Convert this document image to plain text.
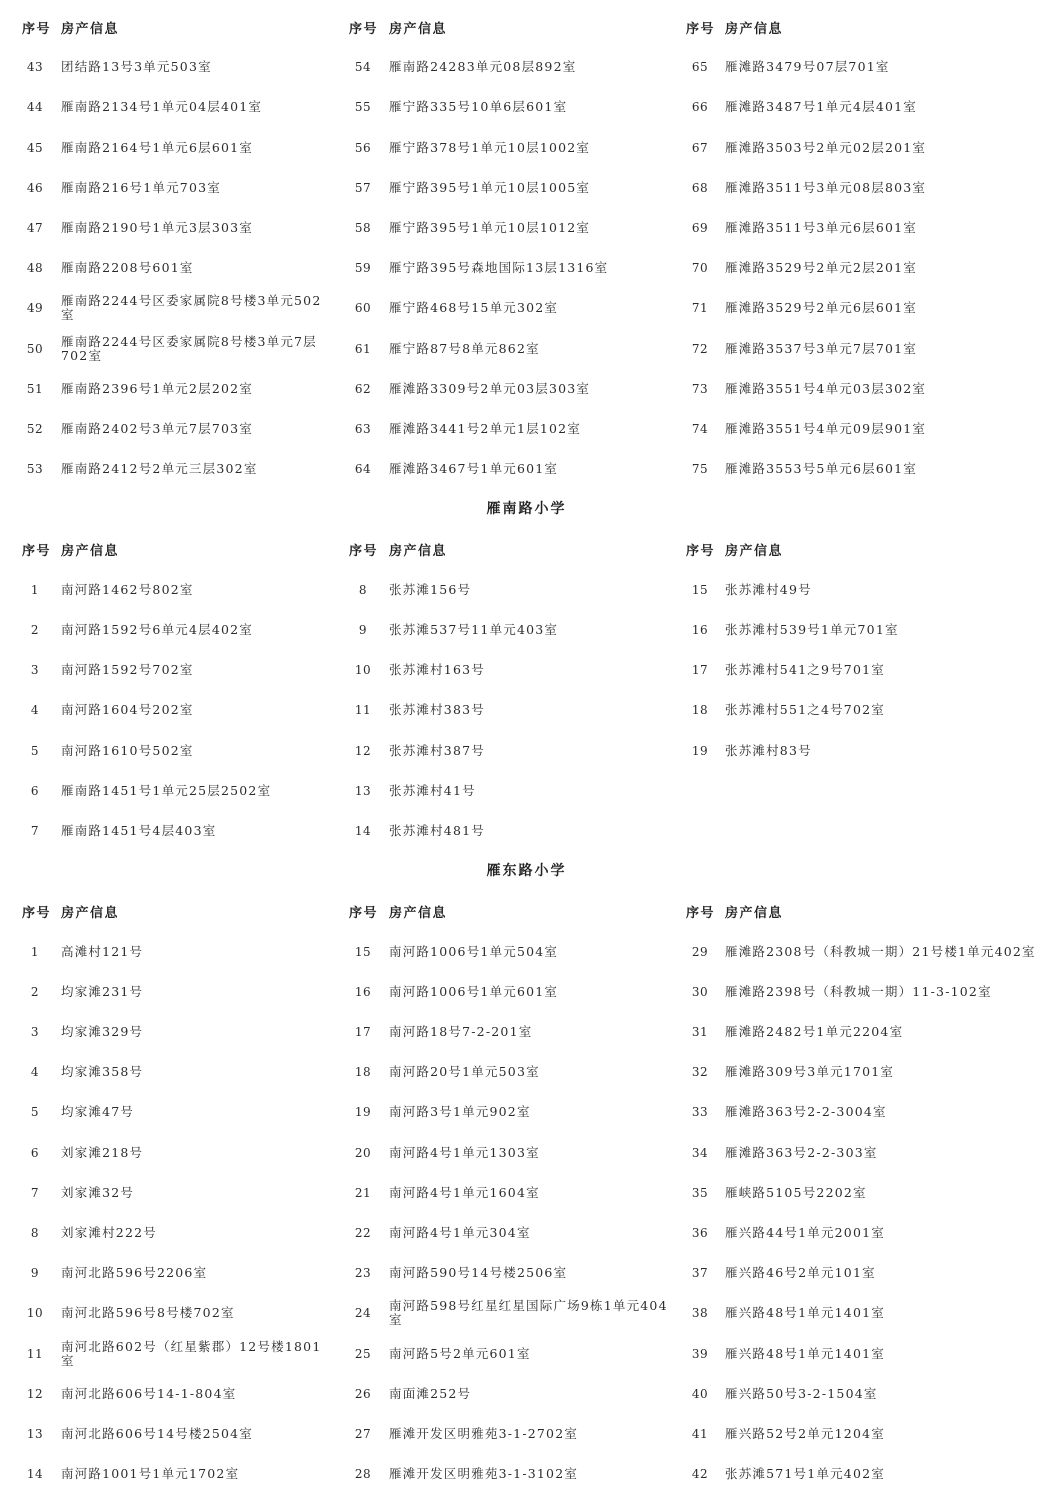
序号 房产信息	序号 房产信息	序号 房产信息
43	团结路13号3单元503室	54	雁南路24283单元08层892室	65	雁滩路3479号07层701室
44	雁南路2134号1单元04层401室	55	雁宁路335号10单6层601室	66	雁滩路3487号1单元4层401室
45	雁南路2164号1单元6层601室	56	雁宁路378号1单元10层1002室	67	雁滩路3503号2单元02层201室
46	雁南路216号1单元703室	57	雁宁路395号1单元10层1005室	68	雁滩路3511号3单元08层803室
47	雁南路2190号1单元3层303室	58	雁宁路395号1单元10层1012室	69	雁滩路3511号3单元6层601室
48	雁南路2208号601室	59	雁宁路395号森地国际13层1316室	70	雁滩路3529号2单元2层201室
49	雁南路2244号区委家属院8号楼3单元502室	60	雁宁路468号15单元302室	71	雁滩路3529号2单元6层601室
50	雁南路2244号区委家属院8号楼3单元7层702室	61	雁宁路87号8单元862室	72	雁滩路3537号3单元7层701室
51	雁南路2396号1单元2层202室	62	雁滩路3309号2单元03层303室	73	雁滩路3551号4单元03层302室
52	雁南路2402号3单元7层703室	63	雁滩路3441号2单元1层102室	74	雁滩路3551号4单元09层901室
53	雁南路2412号2单元三层302室	64	雁滩路3467号1单元601室	75	雁滩路3553号5单元6层601室
雁南路小学
序号 房产信息	序号 房产信息	序号 房产信息
1	南河路1462号802室	8	张苏滩156号	15	张苏滩村49号
2	南河路1592号6单元4层402室	9	张苏滩537号11单元403室	16	张苏滩村539号1单元701室
3	南河路1592号702室	10	张苏滩村163号	17	张苏滩村541之9号701室
4	南河路1604号202室	11	张苏滩村383号	18	张苏滩村551之4号702室
5	南河路1610号502室	12	张苏滩村387号	19	张苏滩村83号
6	雁南路1451号1单元25层2502室	13	张苏滩村41号
7	雁南路1451号4层403室	14	张苏滩村481号
雁东路小学
序号 房产信息	序号 房产信息	序号 房产信息
1	高滩村121号	15	南河路1006号1单元504室	29	雁滩路2308号（科教城一期）21号楼1单元402室
2	均家滩231号	16	南河路1006号1单元601室	30	雁滩路2398号（科教城一期）11-3-102室
3	均家滩329号	17	南河路18号7-2-201室	31	雁滩路2482号1单元2204室
4	均家滩358号	18	南河路20号1单元503室	32	雁滩路309号3单元1701室
5	均家滩47号	19	南河路3号1单元902室	33	雁滩路363号2-2-3004室
6	刘家滩218号	20	南河路4号1单元1303室	34	雁滩路363号2-2-303室
7	刘家滩32号	21	南河路4号1单元1604室	35	雁峡路5105号2202室
8	刘家滩村222号	22	南河路4号1单元304室	36	雁兴路44号1单元2001室
9	南河北路596号2206室	23	南河路590号14号楼2506室	37	雁兴路46号2单元101室
10	南河北路596号8号楼702室	24	南河路598号红星红星国际广场9栋1单元404室	38	雁兴路48号1单元1401室
11	南河北路602号（红星紫郡）12号楼1801室	25	南河路5号2单元601室	39	雁兴路48号1单元1401室
12	南河北路606号14-1-804室	26	南面滩252号	40	雁兴路50号3-2-1504室
13	南河北路606号14号楼2504室	27	雁滩开发区明雅苑3-1-2702室	41	雁兴路52号2单元1204室
14	南河路1001号1单元1702室	28	雁滩开发区明雅苑3-1-3102室	42	张苏滩571号1单元402室
